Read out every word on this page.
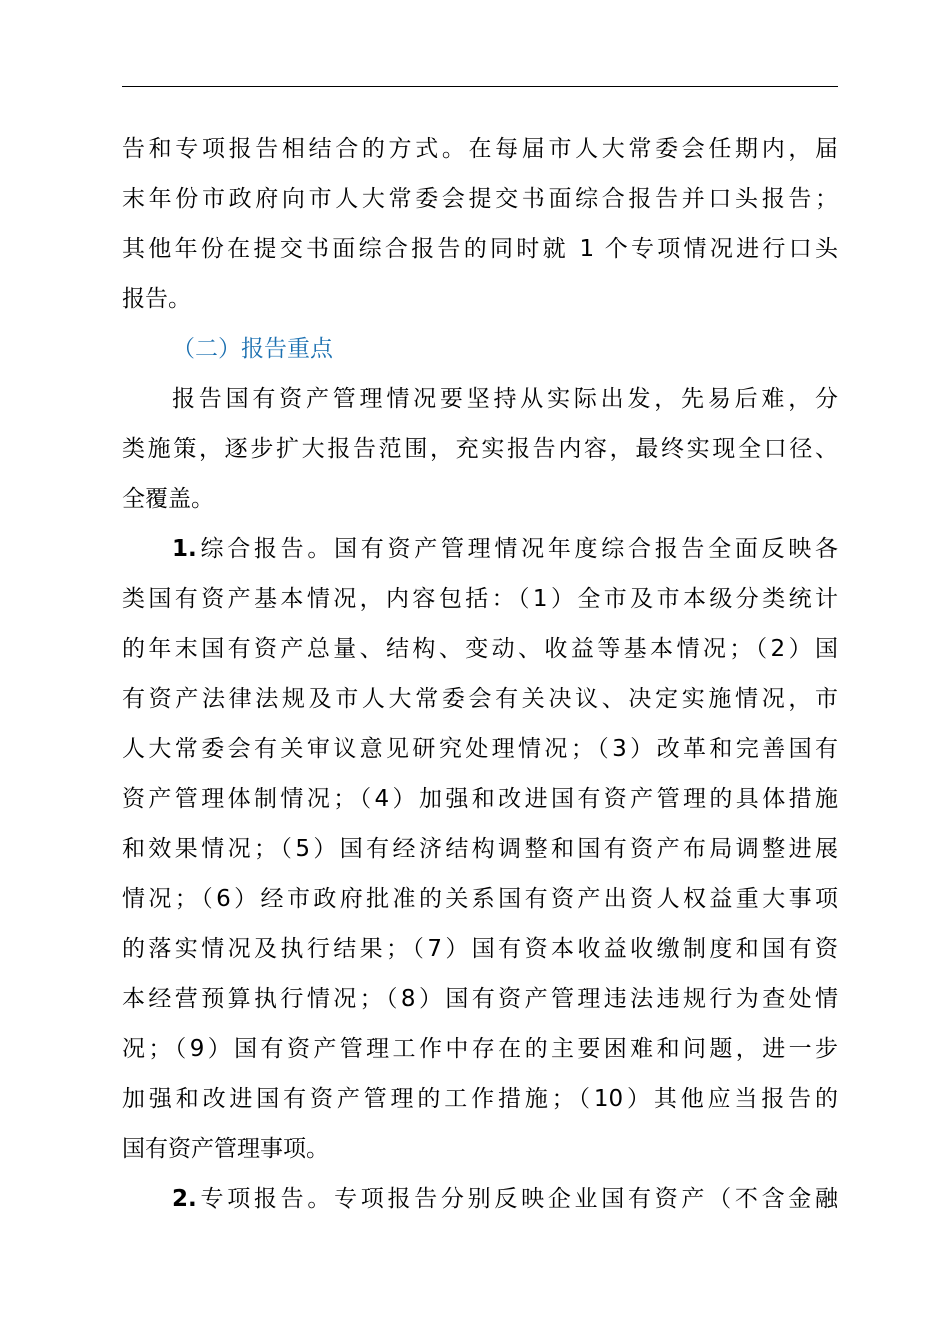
告和专项报告相结合的方式。在每届市人大常委会任期内，届
末年份市政府向市人大常委会提交书面综合报告并口头报告；
其他年份在提交书面综合报告的同时就 1 个专项情况进行口头
报告。
（二）报告重点
报告国有资产管理情况要坚持从实际出发，先易后难，分
类施策，逐步扩大报告范围，充实报告内容，最终实现全口径、
全覆盖。
1.综合报告。国有资产管理情况年度综合报告全面反映各
类国有资产基本情况，内容包括：（1）全市及市本级分类统计
的年末国有资产总量、结构、变动、收益等基本情况；（2）国
有资产法律法规及市人大常委会有关决议、决定实施情况，市
人大常委会有关审议意见研究处理情况；（3）改革和完善国有
资产管理体制情况；（4）加强和改进国有资产管理的具体措施
和效果情况；（5）国有经济结构调整和国有资产布局调整进展
情况；（6）经市政府批准的关系国有资产出资人权益重大事项
的落实情况及执行结果；（7）国有资本收益收缴制度和国有资
本经营预算执行情况；（8）国有资产管理违法违规行为查处情
况；（9）国有资产管理工作中存在的主要困难和问题，进一步
加强和改进国有资产管理的工作措施；（10）其他应当报告的
国有资产管理事项。
2.专项报告。专项报告分别反映企业国有资产（不含金融
